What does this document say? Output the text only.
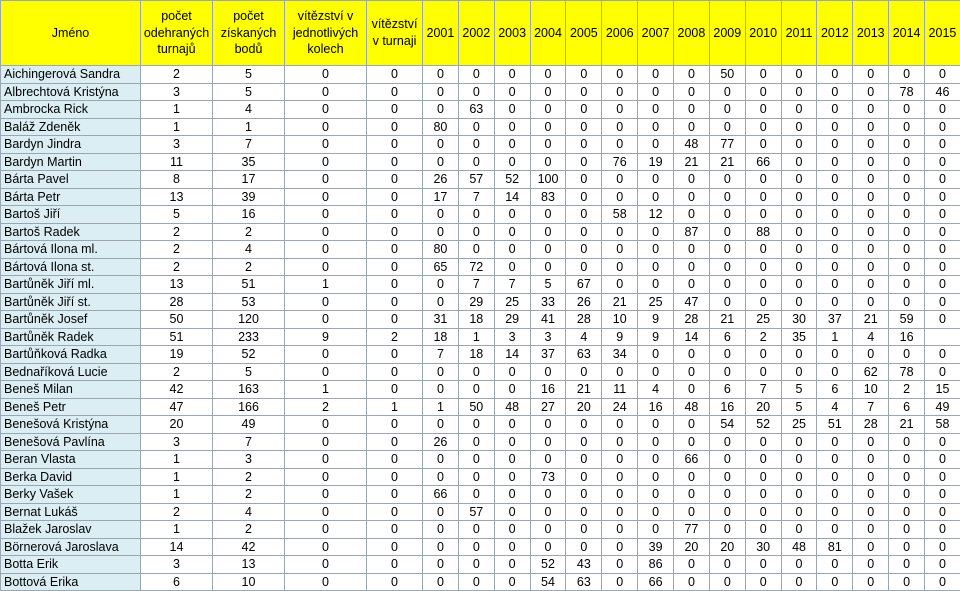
Jméno	počet odehraných turnajů	počet získaných bodů	vítězství v jednotlivých kolech	vítězství v turnaji	2001	2002	2003	2004	2005	2006	2007	2008	2009	2010	2011	2012	2013	2014	2015
Aichingerová Sandra	2	5	0	0	0	0	0	0	0	0	0	0	50	0	0	0	0	0	0
Albrechtová Kristýna	3	5	0	0	0	0	0	0	0	0	0	0	0	0	0	0	0	78	46
Ambrocka Rick	1	4	0	0	0	63	0	0	0	0	0	0	0	0	0	0	0	0	0
Baláž Zdeněk	1	1	0	0	80	0	0	0	0	0	0	0	0	0	0	0	0	0	0
Bardyn Jindra	3	7	0	0	0	0	0	0	0	0	0	48	77	0	0	0	0	0	0
Bardyn Martin	11	35	0	0	0	0	0	0	0	76	19	21	21	66	0	0	0	0	0
Bárta Pavel	8	17	0	0	26	57	52	100	0	0	0	0	0	0	0	0	0	0	0
Bárta Petr	13	39	0	0	17	7	14	83	0	0	0	0	0	0	0	0	0	0	0
Bartoš Jiří	5	16	0	0	0	0	0	0	0	58	12	0	0	0	0	0	0	0	0
Bartoš Radek	2	2	0	0	0	0	0	0	0	0	0	87	0	88	0	0	0	0	0
Bártová Ilona ml.	2	4	0	0	80	0	0	0	0	0	0	0	0	0	0	0	0	0	0
Bártová Ilona st.	2	2	0	0	65	72	0	0	0	0	0	0	0	0	0	0	0	0	0
Bartůněk Jiří ml.	13	51	1	0	0	7	7	5	67	0	0	0	0	0	0	0	0	0	0
Bartůněk Jiří st.	28	53	0	0	0	29	25	33	26	21	25	47	0	0	0	0	0	0	0
Bartůněk Josef	50	120	0	0	31	18	29	41	28	10	9	28	21	25	30	37	21	59	0
Bartůněk Radek	51	233	9	2	18	1	3	3	4	9	9	14	6	2	35	1	4	16	
Bartůňková Radka	19	52	0	0	7	18	14	37	63	34	0	0	0	0	0	0	0	0	0
Bednaříková Lucie	2	5	0	0	0	0	0	0	0	0	0	0	0	0	0	0	62	78	0
Beneš Milan	42	163	1	0	0	0	0	16	21	11	4	0	6	7	5	6	10	2	15
Beneš Petr	47	166	2	1	1	50	48	27	20	24	16	48	16	20	5	4	7	6	49
Benešová Kristýna	20	49	0	0	0	0	0	0	0	0	0	0	54	52	25	51	28	21	58
Benešová Pavlína	3	7	0	0	26	0	0	0	0	0	0	0	0	0	0	0	0	0	0
Beran Vlasta	1	3	0	0	0	0	0	0	0	0	0	66	0	0	0	0	0	0	0
Berka David	1	2	0	0	0	0	0	73	0	0	0	0	0	0	0	0	0	0	0
Berky Vašek	1	2	0	0	66	0	0	0	0	0	0	0	0	0	0	0	0	0	0
Bernat Lukáš	2	4	0	0	0	57	0	0	0	0	0	0	0	0	0	0	0	0	0
Blažek Jaroslav	1	2	0	0	0	0	0	0	0	0	0	77	0	0	0	0	0	0	0
Börnerová Jaroslava	14	42	0	0	0	0	0	0	0	0	39	20	20	30	48	81	0	0	0
Botta Erik	3	13	0	0	0	0	0	52	43	0	86	0	0	0	0	0	0	0	0
Bottová Erika	6	10	0	0	0	0	0	54	63	0	66	0	0	0	0	0	0	0	0
